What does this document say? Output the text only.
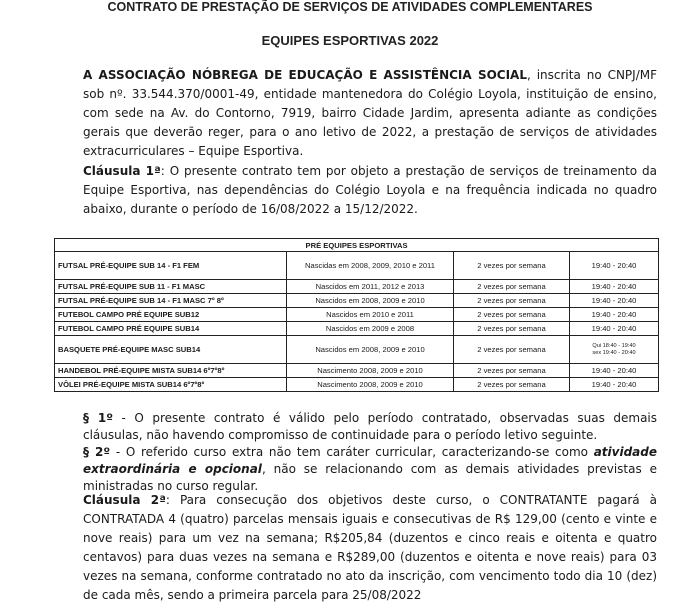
CONTRATO DE PRESTAÇÃO DE SERVIÇOS DE ATIVIDADES COMPLEMENTARES
EQUIPES ESPORTIVAS 2022

A ASSOCIAÇÃO NÓBREGA DE EDUCAÇÃO E ASSISTÊNCIA SOCIAL, inscrita no CNPJ/MF sob nº. 33.544.370/0001-49, entidade mantenedora do Colégio Loyola, instituição de ensino, com sede na Av. do Contorno, 7919, bairro Cidade Jardim, apresenta adiante as condições gerais que deverão reger, para o ano letivo de 2022, a prestação de serviços de atividades extracurriculares – Equipe Esportiva.

Cláusula 1ª: O presente contrato tem por objeto a prestação de serviços de treinamento da Equipe Esportiva, nas dependências do Colégio Loyola e na frequência indicada no quadro abaixo, durante o período de 16/08/2022 a 15/12/2022.

PRÉ EQUIPES ESPORTIVAS			
FUTSAL PRÉ-EQUIPE SUB 14 - F1 FEM	Nascidas em 2008, 2009, 2010 e 2011	2 vezes por semana	19:40 - 20:40
FUTSAL PRÉ-EQUIPE SUB 11 - F1 MASC	Nascidos em 2011, 2012 e 2013	2 vezes por semana	19:40 - 20:40
FUTSAL PRÉ-EQUIPE SUB 14 - F1 MASC 7º 8º	Nascidos em 2008, 2009 e 2010	2 vezes por semana	19:40 - 20:40
FUTEBOL CAMPO PRÉ EQUIPE SUB12	Nascidos em 2010 e 2011	2 vezes por semana	19:40 - 20:40
FUTEBOL CAMPO PRÉ EQUIPE SUB14	Nascidos em 2009 e 2008	2 vezes por semana	19:40 - 20:40
BASQUETE PRÉ-EQUIPE MASC SUB14	Nascidos em 2008, 2009 e 2010	2 vezes por semana	Qui 18:40 - 19:40
sex 19:40 - 20:40
HANDEBOL PRÉ-EQUIPE MISTA SUB14 6º7º8º	Nascimento 2008, 2009 e 2010	2 vezes por semana	19:40 - 20:40
VÔLEI PRÉ-EQUIPE MISTA SUB14 6º7º8º	Nascimento 2008, 2009 e 2010	2 vezes por semana	19:40 - 20:40
§ 1º - O presente contrato é válido pelo período contratado, observadas suas demais cláusulas, não havendo compromisso de continuidade para o período letivo seguinte.
§ 2º - O referido curso extra não tem caráter curricular, caracterizando-se como atividade extraordinária e opcional, não se relacionando com as demais atividades previstas e ministradas no curso regular.

Cláusula 2ª: Para consecução dos objetivos deste curso, o CONTRATANTE pagará à CONTRATADA 4 (quatro) parcelas mensais iguais e consecutivas de R$ 129,00 (cento e vinte e nove reais) para um vez na semana; R$205,84 (duzentos e cinco reais e oitenta e quatro centavos) para duas vezes na semana e R$289,00 (duzentos e oitenta e nove reais) para 03 vezes na semana, conforme contratado no ato da inscrição, com vencimento todo dia 10 (dez) de cada mês, sendo a primeira parcela para 25/08/2022
